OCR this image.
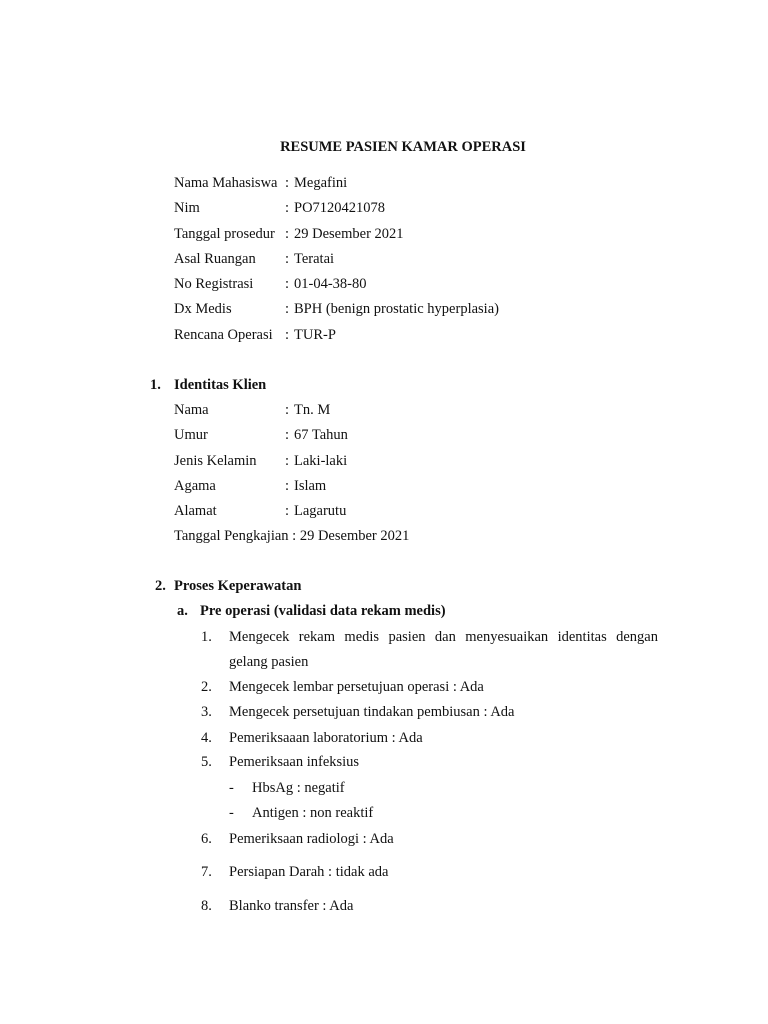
RESUME PASIEN KAMAR OPERASI
Nama Mahasiswa : Megafini
Nim	: PO7120421078
Tanggal prosedur : 29 Desember 2021
Asal Ruangan : Teratai
No Registrasi : 01-04-38-80
Dx Medis	: BPH (benign prostatic hyperplasia)
Rencana Operasi : TUR-P
1. Identitas Klien
Nama	: Tn. M
Umur	: 67 Tahun
Jenis Kelamin : Laki-laki
Agama	: Islam
Alamat	: Lagarutu
Tanggal Pengkajian : 29 Desember 2021
2. Proses Keperawatan
a. Pre operasi (validasi data rekam medis)
1. Mengecek rekam medis pasien dan menyesuaikan identitas dengan
gelang pasien
2. Mengecek lembar persetujuan operasi : Ada
3. Mengecek persetujuan tindakan pembiusan : Ada
4. Pemeriksaaan laboratorium : Ada
5. Pemeriksaan infeksius
- HbsAg : negatif
- Antigen : non reaktif
6. Pemeriksaan radiologi : Ada
7. Persiapan Darah : tidak ada
8. Blanko transfer : Ada
